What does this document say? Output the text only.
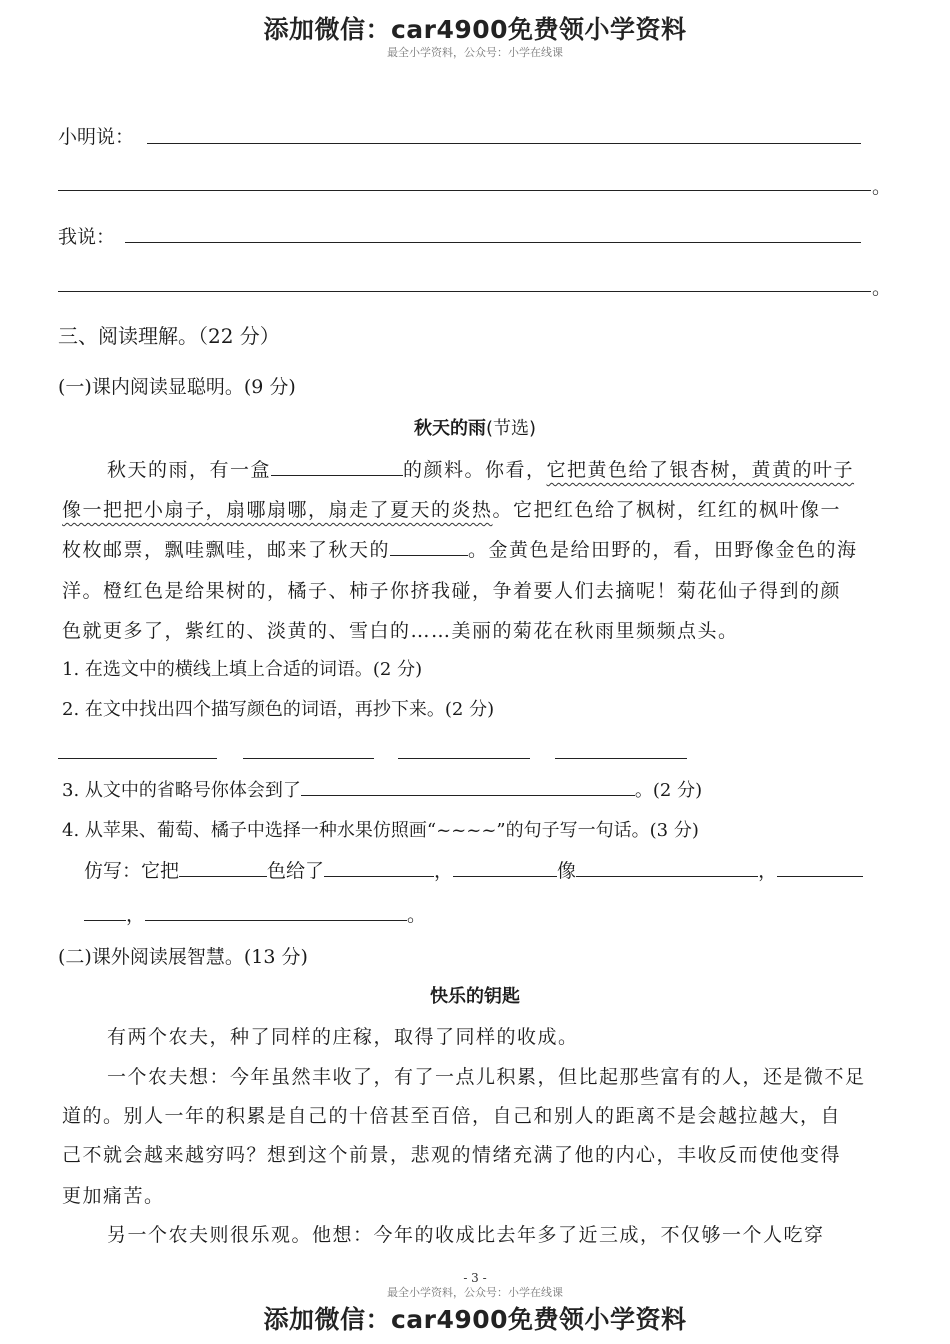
添加微信：car4900免费领小学资料
最全小学资料，公众号：小学在线课
小明说：
。
我说：
。
三、阅读理解。（22 分）
(一)课内阅读显聪明。(9 分)
秋天的雨(节选)
秋天的雨，有一盒	的颜料。你看，它把黄色给了银杏树，黄黄的叶子
像一把把小扇子，扇哪扇哪，扇走了夏天的炎热。它把红色给了枫树，红红的枫叶像一
枚枚邮票，飘哇飘哇，邮来了秋天的	。金黄色是给田野的，看，田野像金色的海
洋。橙红色是给果树的，橘子、柿子你挤我碰，争着要人们去摘呢！菊花仙子得到的颜
色就更多了，紫红的、淡黄的、雪白的……美丽的菊花在秋雨里频频点头。
1. 在选文中的横线上填上合适的词语。(2 分)
2. 在文中找出四个描写颜色的词语，再抄下来。(2 分)
3. 从文中的省略号你体会到了	。(2 分)
4. 从苹果、葡萄、橘子中选择一种水果仿照画“~~~~”的句子写一句话。(3 分)
仿写：它把	色给了	，	像	，
，	。
(二)课外阅读展智慧。(13 分)
快乐的钥匙
有两个农夫，种了同样的庄稼，取得了同样的收成。
一个农夫想：今年虽然丰收了，有了一点儿积累，但比起那些富有的人，还是微不足
道的。别人一年的积累是自己的十倍甚至百倍，自己和别人的距离不是会越拉越大，自
己不就会越来越穷吗？想到这个前景，悲观的情绪充满了他的内心，丰收反而使他变得
更加痛苦。
另一个农夫则很乐观。他想：今年的收成比去年多了近三成，不仅够一个人吃穿
- 3 -
最全小学资料，公众号：小学在线课
添加微信：car4900免费领小学资料
